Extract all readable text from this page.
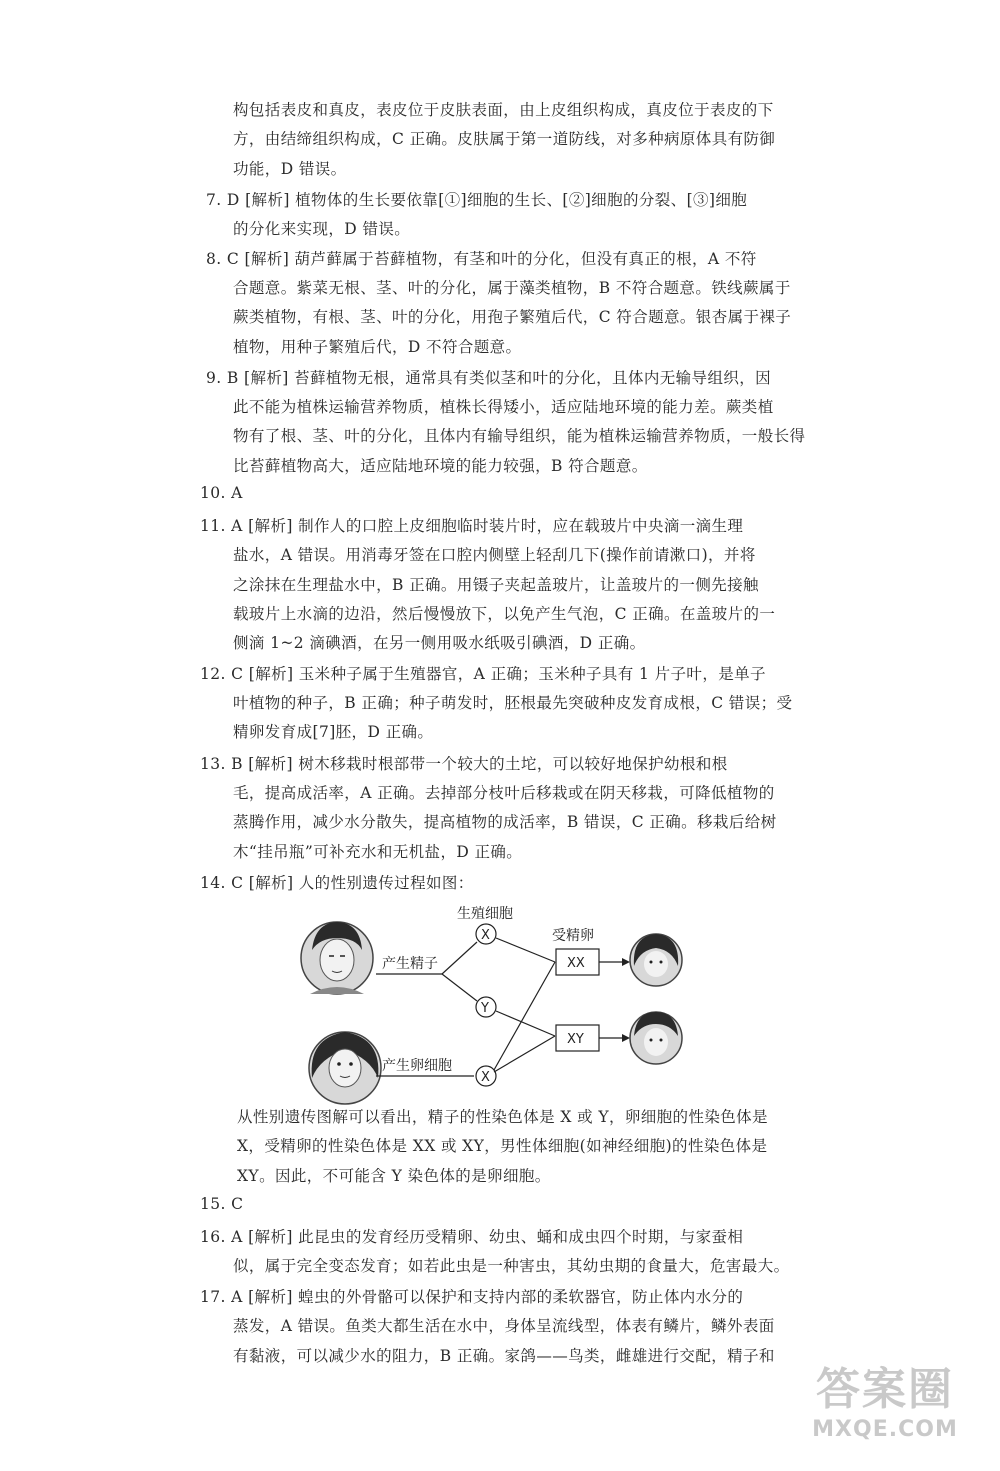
构包括表皮和真皮，表皮位于皮肤表面，由上皮组织构成，真皮位于表皮的下
方，由结缔组织构成，C 正确。皮肤属于第一道防线，对多种病原体具有防御
功能，D 错误。
7. D [解析] 植物体的生长要依靠[①]细胞的生长、[②]细胞的分裂、[③]细胞
的分化来实现，D 错误。
8. C [解析] 葫芦藓属于苔藓植物，有茎和叶的分化，但没有真正的根，A 不符
合题意。紫菜无根、茎、叶的分化，属于藻类植物，B 不符合题意。铁线蕨属于
蕨类植物，有根、茎、叶的分化，用孢子繁殖后代，C 符合题意。银杏属于裸子
植物，用种子繁殖后代，D 不符合题意。
9. B [解析] 苔藓植物无根，通常具有类似茎和叶的分化，且体内无输导组织，因
此不能为植株运输营养物质，植株长得矮小，适应陆地环境的能力差。蕨类植
物有了根、茎、叶的分化，且体内有输导组织，能为植株运输营养物质，一般长得
比苔藓植物高大，适应陆地环境的能力较强，B 符合题意。
10. A
11. A [解析] 制作人的口腔上皮细胞临时装片时，应在载玻片中央滴一滴生理
盐水，A 错误。用消毒牙签在口腔内侧壁上轻刮几下(操作前请漱口)，并将
之涂抹在生理盐水中，B 正确。用镊子夹起盖玻片，让盖玻片的一侧先接触
载玻片上水滴的边沿，然后慢慢放下，以免产生气泡，C 正确。在盖玻片的一
侧滴 1~2 滴碘酒，在另一侧用吸水纸吸引碘酒，D 正确。
12. C [解析] 玉米种子属于生殖器官，A 正确；玉米种子具有 1 片子叶，是单子
叶植物的种子，B 正确；种子萌发时，胚根最先突破种皮发育成根，C 错误；受
精卵发育成[7]胚，D 正确。
13. B [解析] 树木移栽时根部带一个较大的土坨，可以较好地保护幼根和根
毛，提高成活率，A 正确。去掉部分枝叶后移栽或在阴天移栽，可降低植物的
蒸腾作用，减少水分散失，提高植物的成活率，B 错误，C 正确。移栽后给树
木“挂吊瓶”可补充水和无机盐，D 正确。
14. C [解析] 人的性别遗传过程如图：
生殖细胞
受精卵
产生精子
产生卵细胞
X
Y
X
XX
XY
从性别遗传图解可以看出，精子的性染色体是 X 或 Y，卵细胞的性染色体是
X，受精卵的性染色体是 XX 或 XY，男性体细胞(如神经细胞)的性染色体是
XY。因此，不可能含 Y 染色体的是卵细胞。
15. C
16. A [解析] 此昆虫的发育经历受精卵、幼虫、蛹和成虫四个时期，与家蚕相
似，属于完全变态发育；如若此虫是一种害虫，其幼虫期的食量大，危害最大。
17. A [解析] 蝗虫的外骨骼可以保护和支持内部的柔软器官，防止体内水分的
蒸发，A 错误。鱼类大都生活在水中，身体呈流线型，体表有鳞片，鳞外表面
有黏液，可以减少水的阻力，B 正确。家鸽——鸟类，雌雄进行交配，精子和
答案圈
MXQE.COM
